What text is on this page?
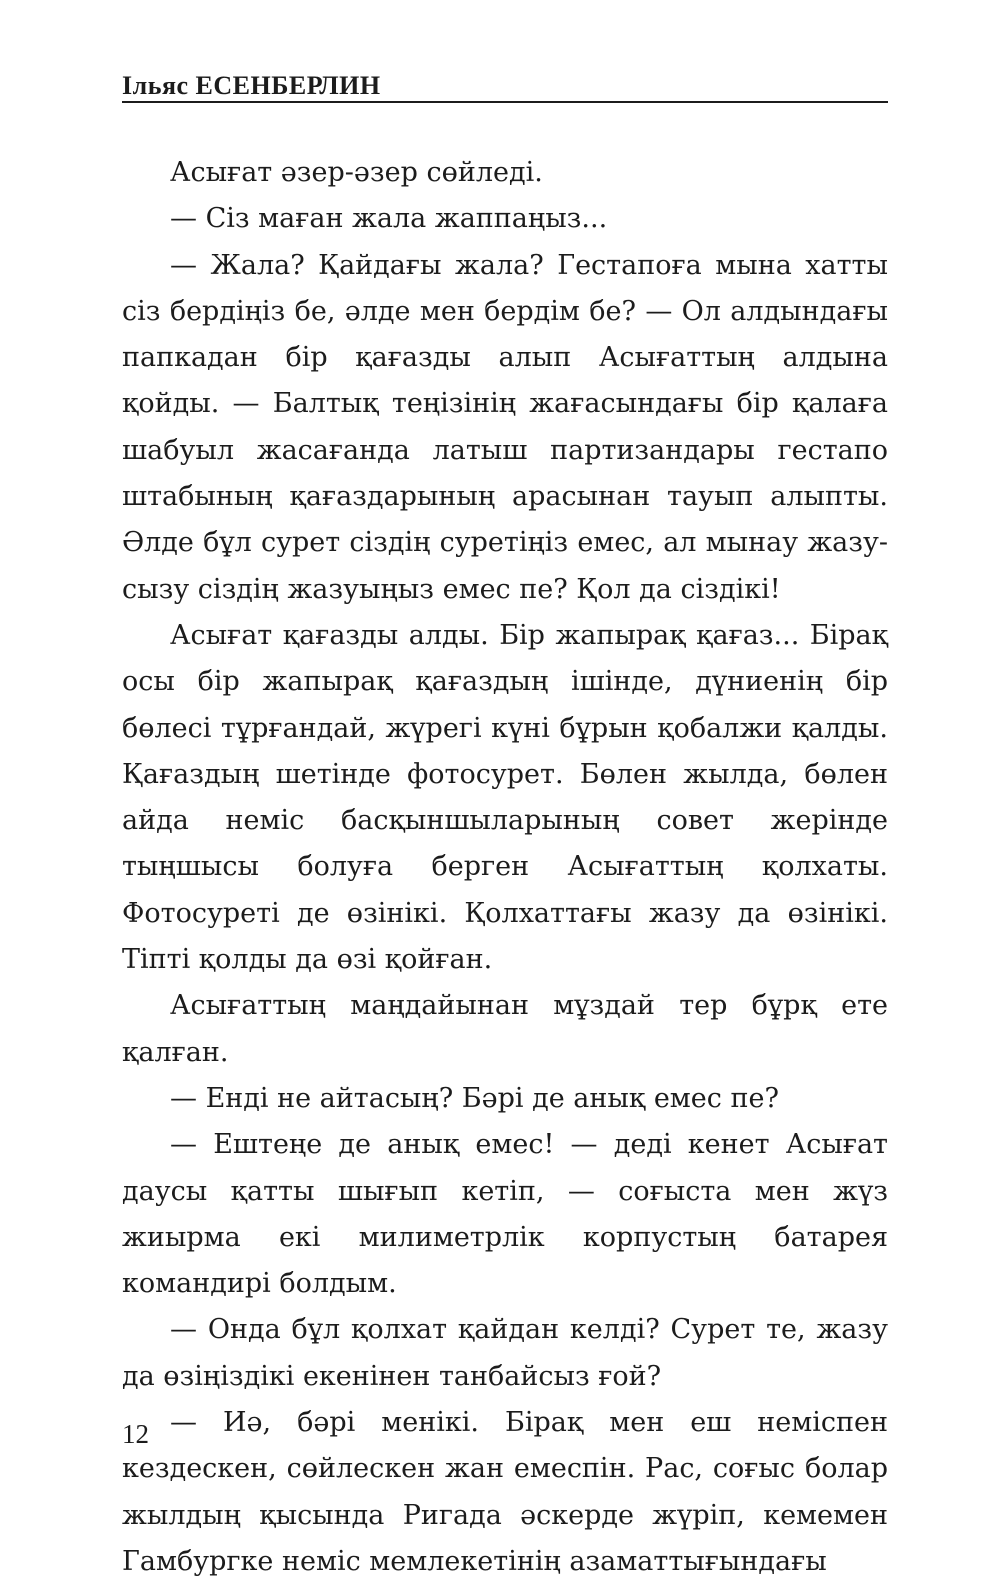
Ільяс ЕСЕНБЕРЛИН

Асығат әзер-әзер сөйледі.

— Сіз маған жала жаппаңыз...

— Жала? Қайдағы жала? Гестапоға мына хатты сіз бердіңіз бе, әлде мен бердім бе? — Ол алдындағы папкадан бір қағазды алып Асығаттың алдына қойды. — Балтық теңізінің жағасындағы бір қалаға шабуыл жасағанда латыш партизандары гестапо штабының қағаздарының арасынан тауып алыпты. Әлде бұл сурет сіздің суретіңіз емес, ал мынау жазу-сызу сіздің жазуыңыз емес пе? Қол да сіздікі!

Асығат қағазды алды. Бір жапырақ қағаз... Бірақ осы бір жапырақ қағаздың ішінде, дүниенің бір бөлесі тұрғандай, жүрегі күні бұрын қобалжи қалды. Қағаздың шетінде фотосурет. Бөлен жылда, бөлен айда неміс басқыншыларының совет жерінде тыңшысы болуға берген Асығаттың қолхаты. Фотосуреті де өзінікі. Қолхаттағы жазу да өзінікі. Тіпті қолды да өзі қойған.

Асығаттың маңдайынан мұздай тер бұрқ ете қалған.

— Енді не айтасың? Бәрі де анық емес пе?

— Ештеңе де анық емес! — деді кенет Асығат даусы қатты шығып кетіп, — соғыста мен жүз жиырма екі милиметрлік корпустың батарея командирі болдым.

— Онда бұл қолхат қайдан келді? Сурет те, жазу да өзіңіздікі екенінен танбайсыз ғой?

— Иә, бәрі менікі. Бірақ мен еш неміспен кездескен, сөйлескен жан емеспін. Рас, соғыс болар жылдың қысында Ригада әскерде жүріп, кемемен Гамбургке неміс мемлекетінің азаматтығындағы

12
